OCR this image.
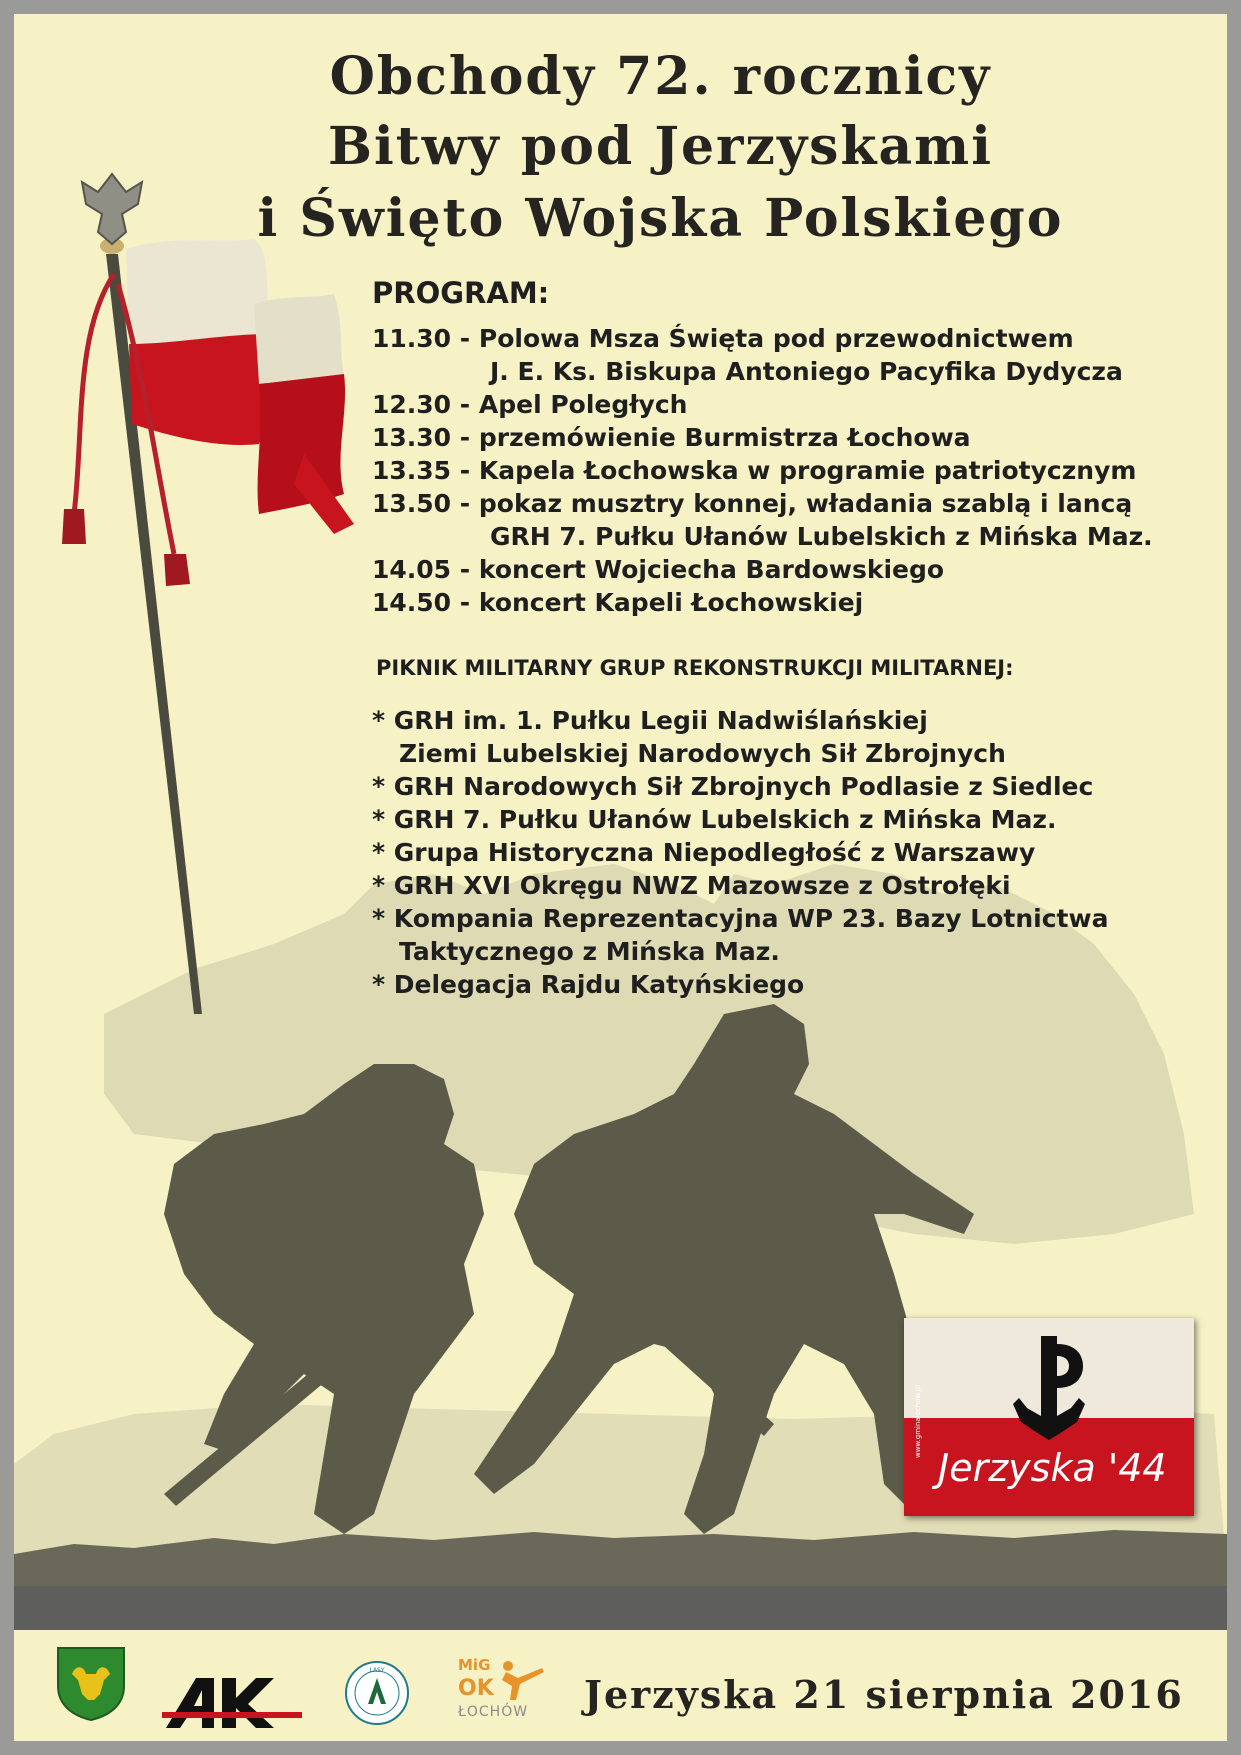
Obchody 72. rocznicy
Bitwy pod Jerzyskami
i Święto Wojska Polskiego
PROGRAM:
11.30 - Polowa Msza Święta pod przewodnictwem
J. E. Ks. Biskupa Antoniego Pacyfika Dydycza
12.30 - Apel Poległych
13.30 - przemówienie Burmistrza Łochowa
13.35 - Kapela Łochowska w programie patriotycznym
13.50 - pokaz musztry konnej, władania szablą i lancą
GRH 7. Pułku Ułanów Lubelskich z Mińska Maz.
14.05 - koncert Wojciecha Bardowskiego
14.50 - koncert Kapeli Łochowskiej
PIKNIK MILITARNY GRUP REKONSTRUKCJI MILITARNEJ:
* GRH im. 1. Pułku Legii Nadwiślańskiej
Ziemi Lubelskiej Narodowych Sił Zbrojnych
* GRH Narodowych Sił Zbrojnych Podlasie z Siedlec
* GRH 7. Pułku Ułanów Lubelskich z Mińska Maz.
* Grupa Historyczna Niepodległość z Warszawy
* GRH XVI Okręgu NWZ Mazowsze z Ostrołęki
* Kompania Reprezentacyjna WP 23. Bazy Lotnictwa
Taktycznego z Mińska Maz.
* Delegacja Rajdu Katyńskiego
Jerzyska '44
www.gminalochow.pl
LASY	MiG
OK
ŁOCHÓW Jerzyska 21 sierpnia 2016
